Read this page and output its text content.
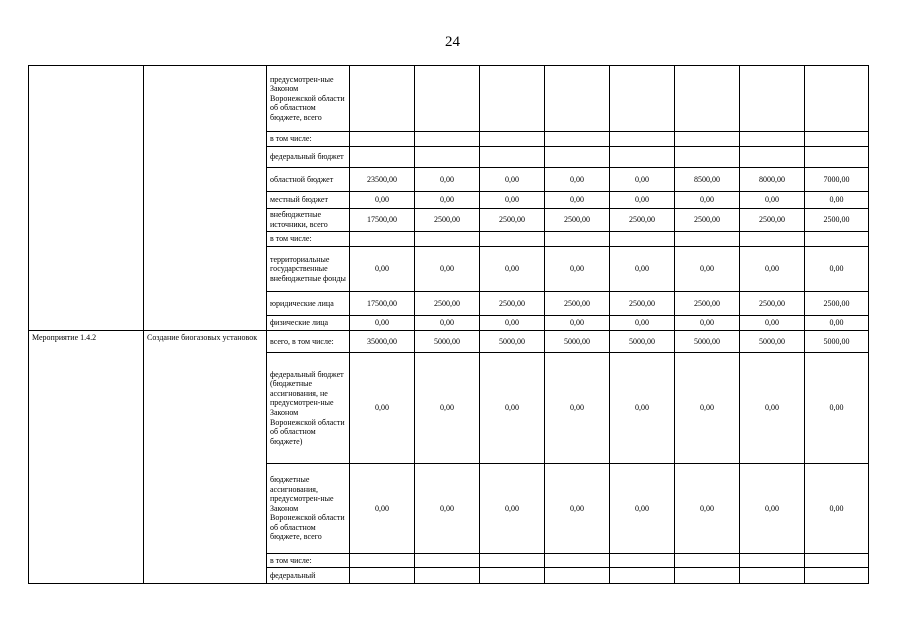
24
		предусмотрен-ные Законом Воронежской области об областном бюджете, всего								
		в том числе:								
		федеральный бюджет								
		областной бюджет	23500,00	0,00	0,00	0,00	0,00	8500,00	8000,00	7000,00
		местный бюджет	0,00	0,00	0,00	0,00	0,00	0,00	0,00	0,00
		внебюджетные источники, всего	17500,00	2500,00	2500,00	2500,00	2500,00	2500,00	2500,00	2500,00
		в том числе:								
		территориальные государственные внебюджетные фонды	0,00	0,00	0,00	0,00	0,00	0,00	0,00	0,00
		юридические лица	17500,00	2500,00	2500,00	2500,00	2500,00	2500,00	2500,00	2500,00
		физические лица	0,00	0,00	0,00	0,00	0,00	0,00	0,00	0,00
Мероприятие 1.4.2	Создание биогазовых установок	всего, в том числе:	35000,00	5000,00	5000,00	5000,00	5000,00	5000,00	5000,00	5000,00
		федеральный бюджет (бюджетные ассигнования, не предусмотрен-ные Законом Воронежской области об областном бюджете)	0,00	0,00	0,00	0,00	0,00	0,00	0,00	0,00
		бюджетные ассигнования, предусмотрен-ные Законом Воронежской области об областном бюджете, всего	0,00	0,00	0,00	0,00	0,00	0,00	0,00	0,00
		в том числе:								
		федеральный								
